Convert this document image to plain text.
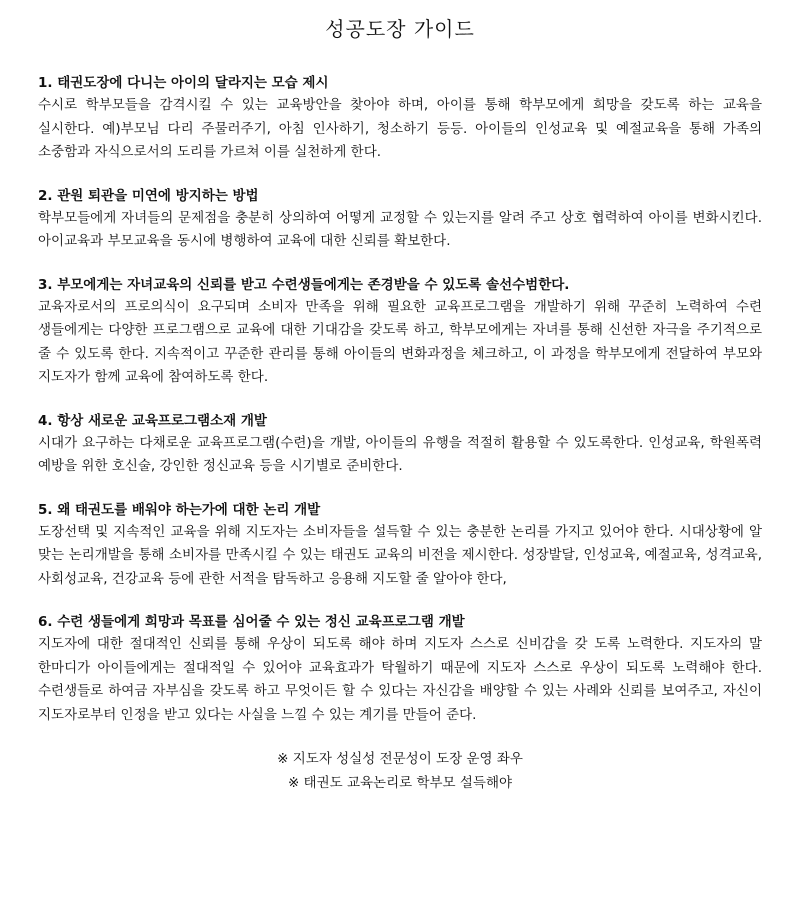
성공도장 가이드

1. 태권도장에 다니는 아이의 달라지는 모습 제시

수시로 학부모들을 감격시킬 수 있는 교육방안을 찾아야 하며, 아이를 통해 학부모에게 희망을 갖도록 하는 교육을 실시한다. 예)부모님 다리 주물러주기, 아침 인사하기, 청소하기 등등. 아이들의 인성교육 및 예절교육을 통해 가족의 소중함과 자식으로서의 도리를 가르쳐 이를 실천하게 한다.

2. 관원 퇴관을 미연에 방지하는 방법

학부모들에게 자녀들의 문제점을 충분히 상의하여 어떻게 교정할 수 있는지를 알려 주고 상호 협력하여 아이를 변화시킨다. 아이교육과 부모교육을 동시에 병행하여 교육에 대한 신뢰를 확보한다.

3. 부모에게는 자녀교육의 신뢰를 받고 수련생들에게는 존경받을 수 있도록 솔선수범한다.

교육자로서의 프로의식이 요구되며 소비자 만족을 위해 필요한 교육프로그램을 개발하기 위해 꾸준히 노력하여 수련 생들에게는 다양한 프로그램으로 교육에 대한 기대감을 갖도록 하고, 학부모에게는 자녀를 통해 신선한 자극을 주기적으로 줄 수 있도록 한다. 지속적이고 꾸준한 관리를 통해 아이들의 변화과정을 체크하고, 이 과정을 학부모에게 전달하여 부모와 지도자가 함께 교육에 참여하도록 한다.

4. 항상 새로운 교육프로그램소재 개발

시대가 요구하는 다채로운 교육프로그램(수련)을 개발, 아이들의 유행을 적절히 활용할 수 있도록한다. 인성교육, 학원폭력 예방을 위한 호신술, 강인한 정신교육 등을 시기별로 준비한다.

5. 왜 태권도를 배워야 하는가에 대한 논리 개발

도장선택 및 지속적인 교육을 위해 지도자는 소비자들을 설득할 수 있는 충분한 논리를 가지고 있어야 한다. 시대상황에 알 맞는 논리개발을 통해 소비자를 만족시킬 수 있는 태권도 교육의 비전을 제시한다. 성장발달, 인성교육, 예절교육, 성격교육, 사회성교육, 건강교육 등에 관한 서적을 탐독하고 응용해 지도할 줄 알아야 한다,

6. 수련 생들에게 희망과 목표를 심어줄 수 있는 정신 교육프로그램 개발

지도자에 대한 절대적인 신뢰를 통해 우상이 되도록 해야 하며 지도자 스스로 신비감을 갖 도록 노력한다. 지도자의 말 한마디가 아이들에게는 절대적일 수 있어야 교육효과가 탁월하기 때문에 지도자 스스로 우상이 되도록 노력해야 한다. 수련생들로 하여금 자부심을 갖도록 하고 무엇이든 할 수 있다는 자신감을 배양할 수 있는 사례와 신뢰를 보여주고, 자신이 지도자로부터 인정을 받고 있다는 사실을 느낄 수 있는 계기를 만들어 준다.

※ 지도자 성실성 전문성이 도장 운영 좌우
※ 태권도 교육논리로 학부모 설득해야
